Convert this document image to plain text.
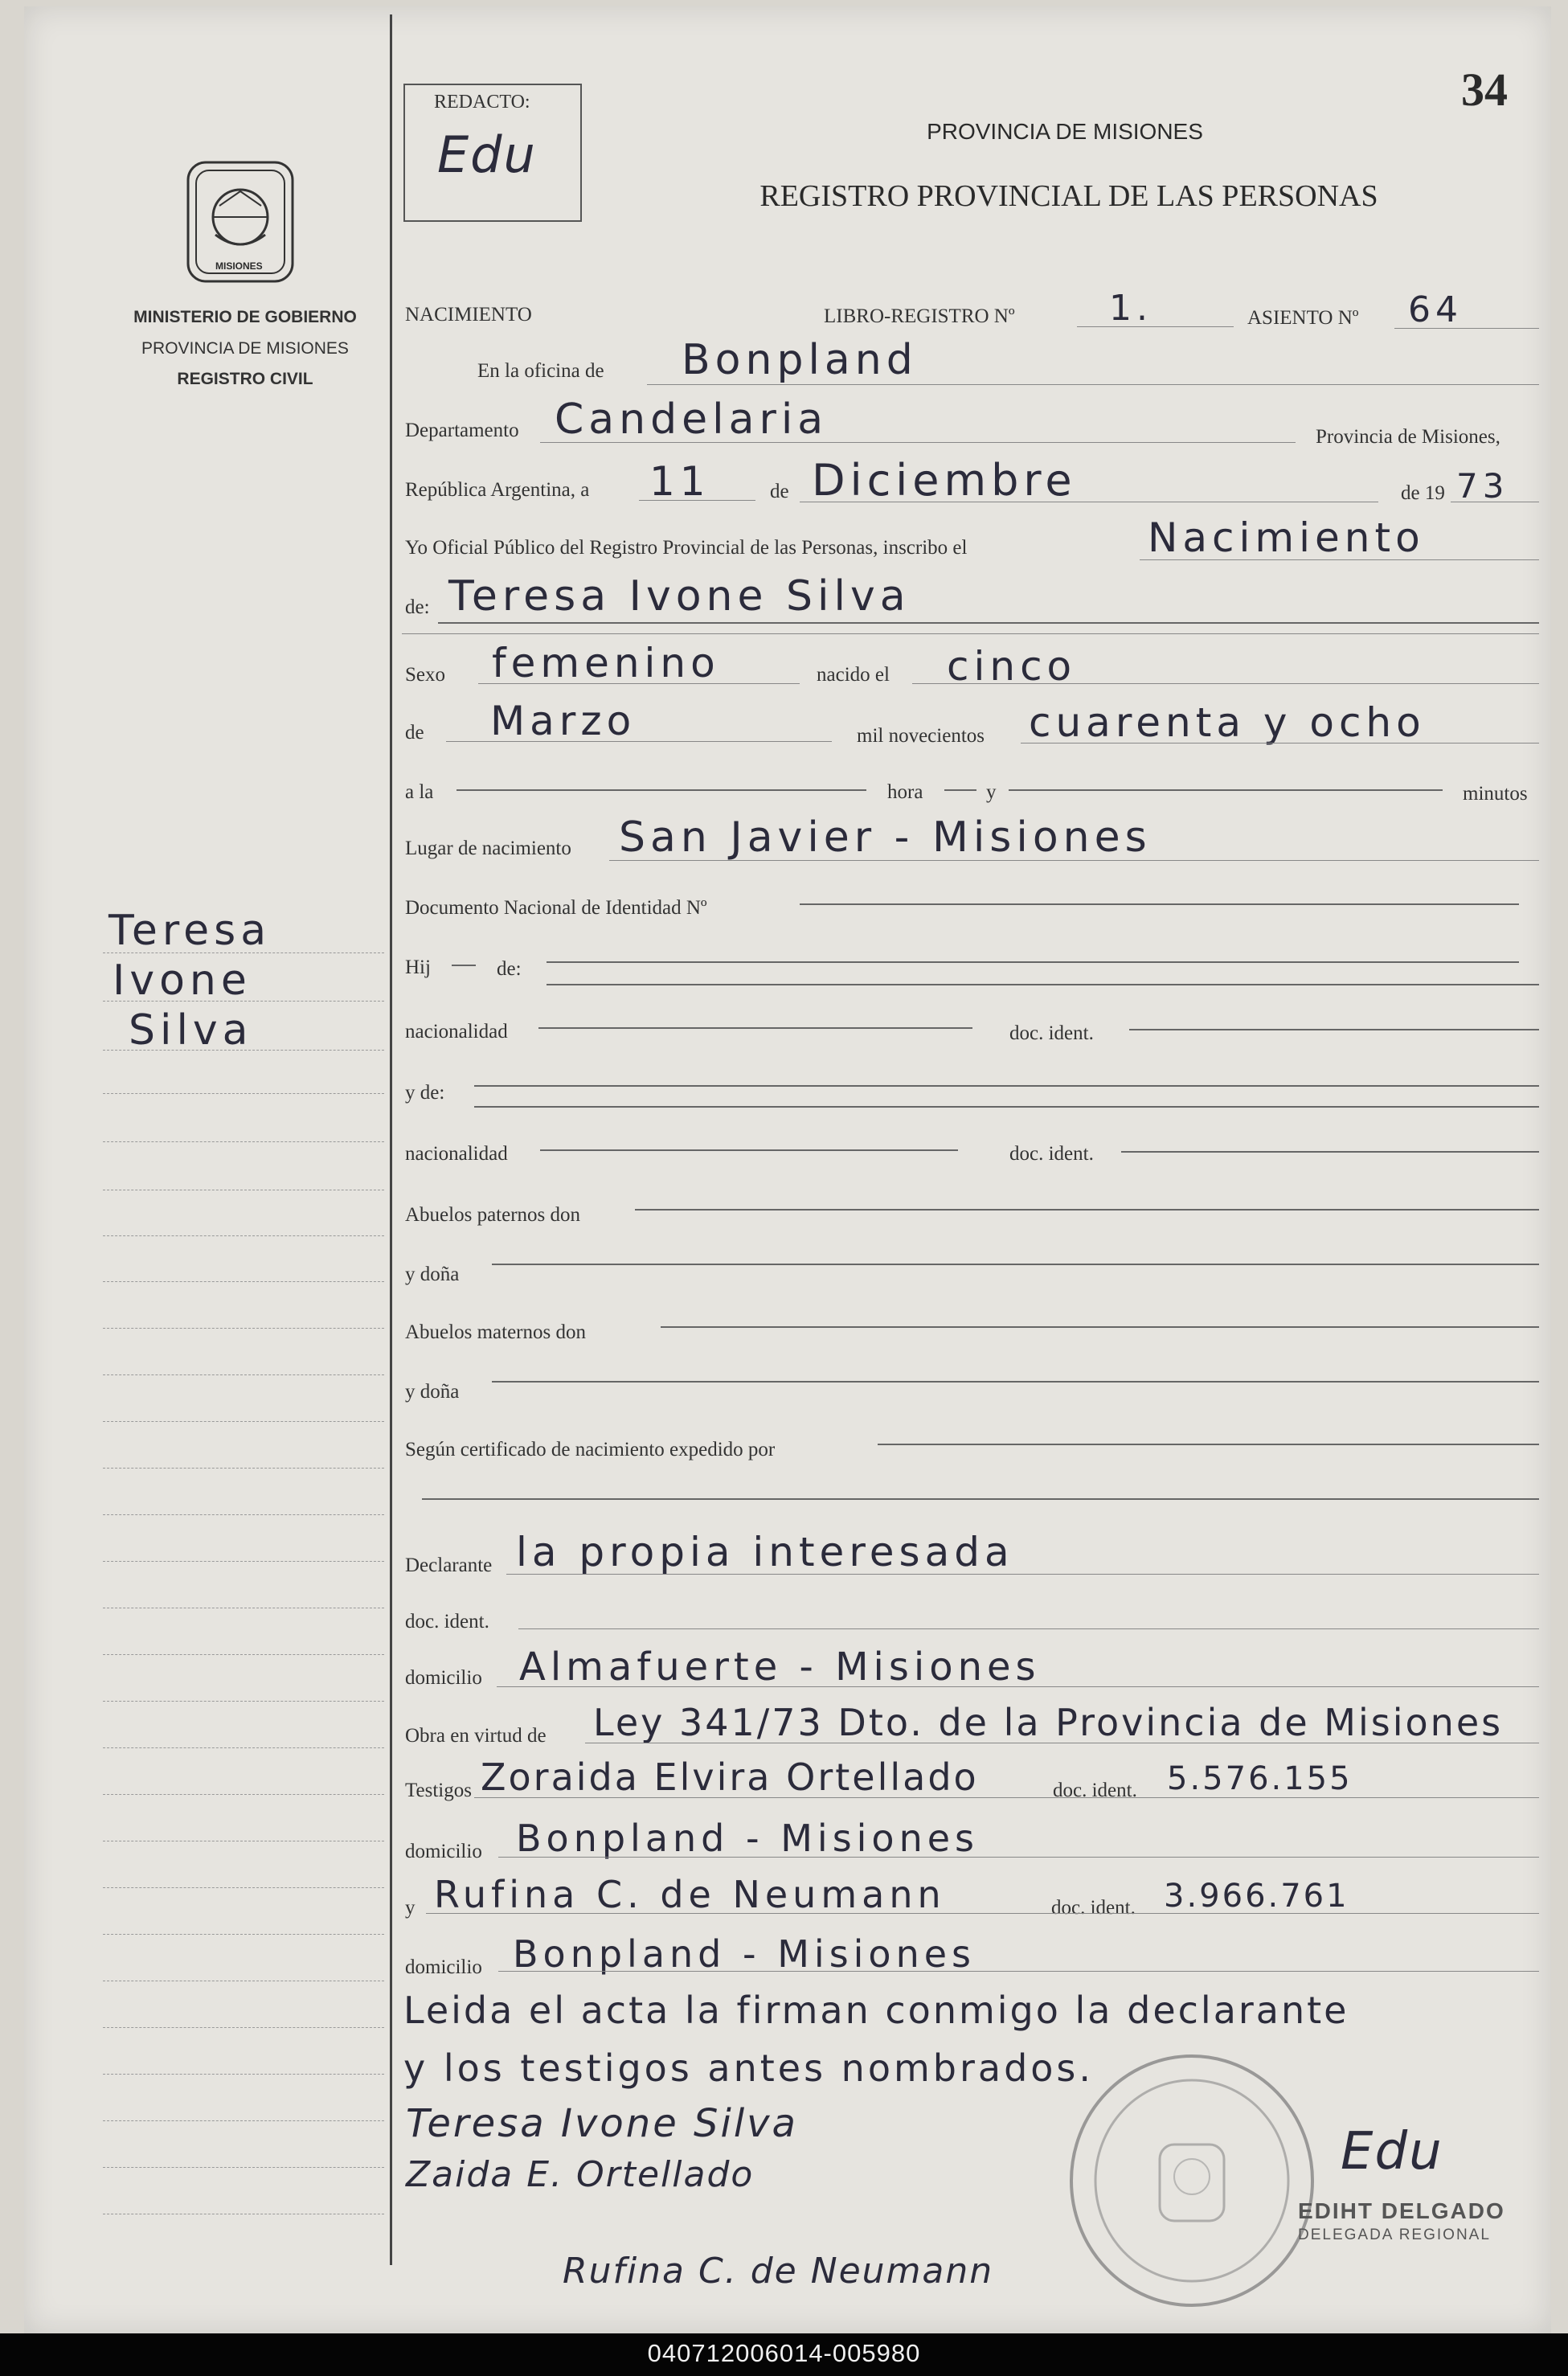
34
REDACTO:
Edu
MISIONES
MINISTERIO DE GOBIERNO
PROVINCIA DE MISIONES
REGISTRO CIVIL
PROVINCIA DE MISIONES
REGISTRO PROVINCIAL DE LAS PERSONAS
Teresa
Ivone
Silva
NACIMIENTO	LIBRO-REGISTRO Nº	1.	ASIENTO Nº 64
En la oficina de Bonpland
Departamento Candelaria	Provincia de Misiones,
República Argentina, a 11	de Diciembre	de 19 73
Yo Oficial Público del Registro Provincial de las Personas, inscribo el	Nacimiento
de: Teresa Ivone Silva
Sexo femenino	nacido el cinco
de Marzo	mil novecientos cuarenta y ocho
a la	hora	y	minutos
Lugar de nacimiento San Javier - Misiones
Documento Nacional de Identidad Nº
Hij	de:
nacionalidad	doc. ident.
y de:
nacionalidad	doc. ident.
Abuelos paternos don
y doña
Abuelos maternos don
y doña
Según certificado de nacimiento expedido por
Declarante la propia interesada
doc. ident.
domicilio Almafuerte - Misiones
Obra en virtud de Ley 341/73 Dto. de la Provincia de Misiones
Testigos Zoraida Elvira Ortellado	doc. ident. 5.576.155
domicilio Bonpland - Misiones
y Rufina C. de Neumann	doc. ident. 3.966.761
domicilio Bonpland - Misiones
Leida el acta la firman conmigo la declarante
y los testigos antes nombrados.
Teresa Ivone Silva
Zaida E. Ortellado
Rufina C. de Neumann
Edu
EDIHT DELGADO
DELEGADA REGIONAL
040712006014-005980
